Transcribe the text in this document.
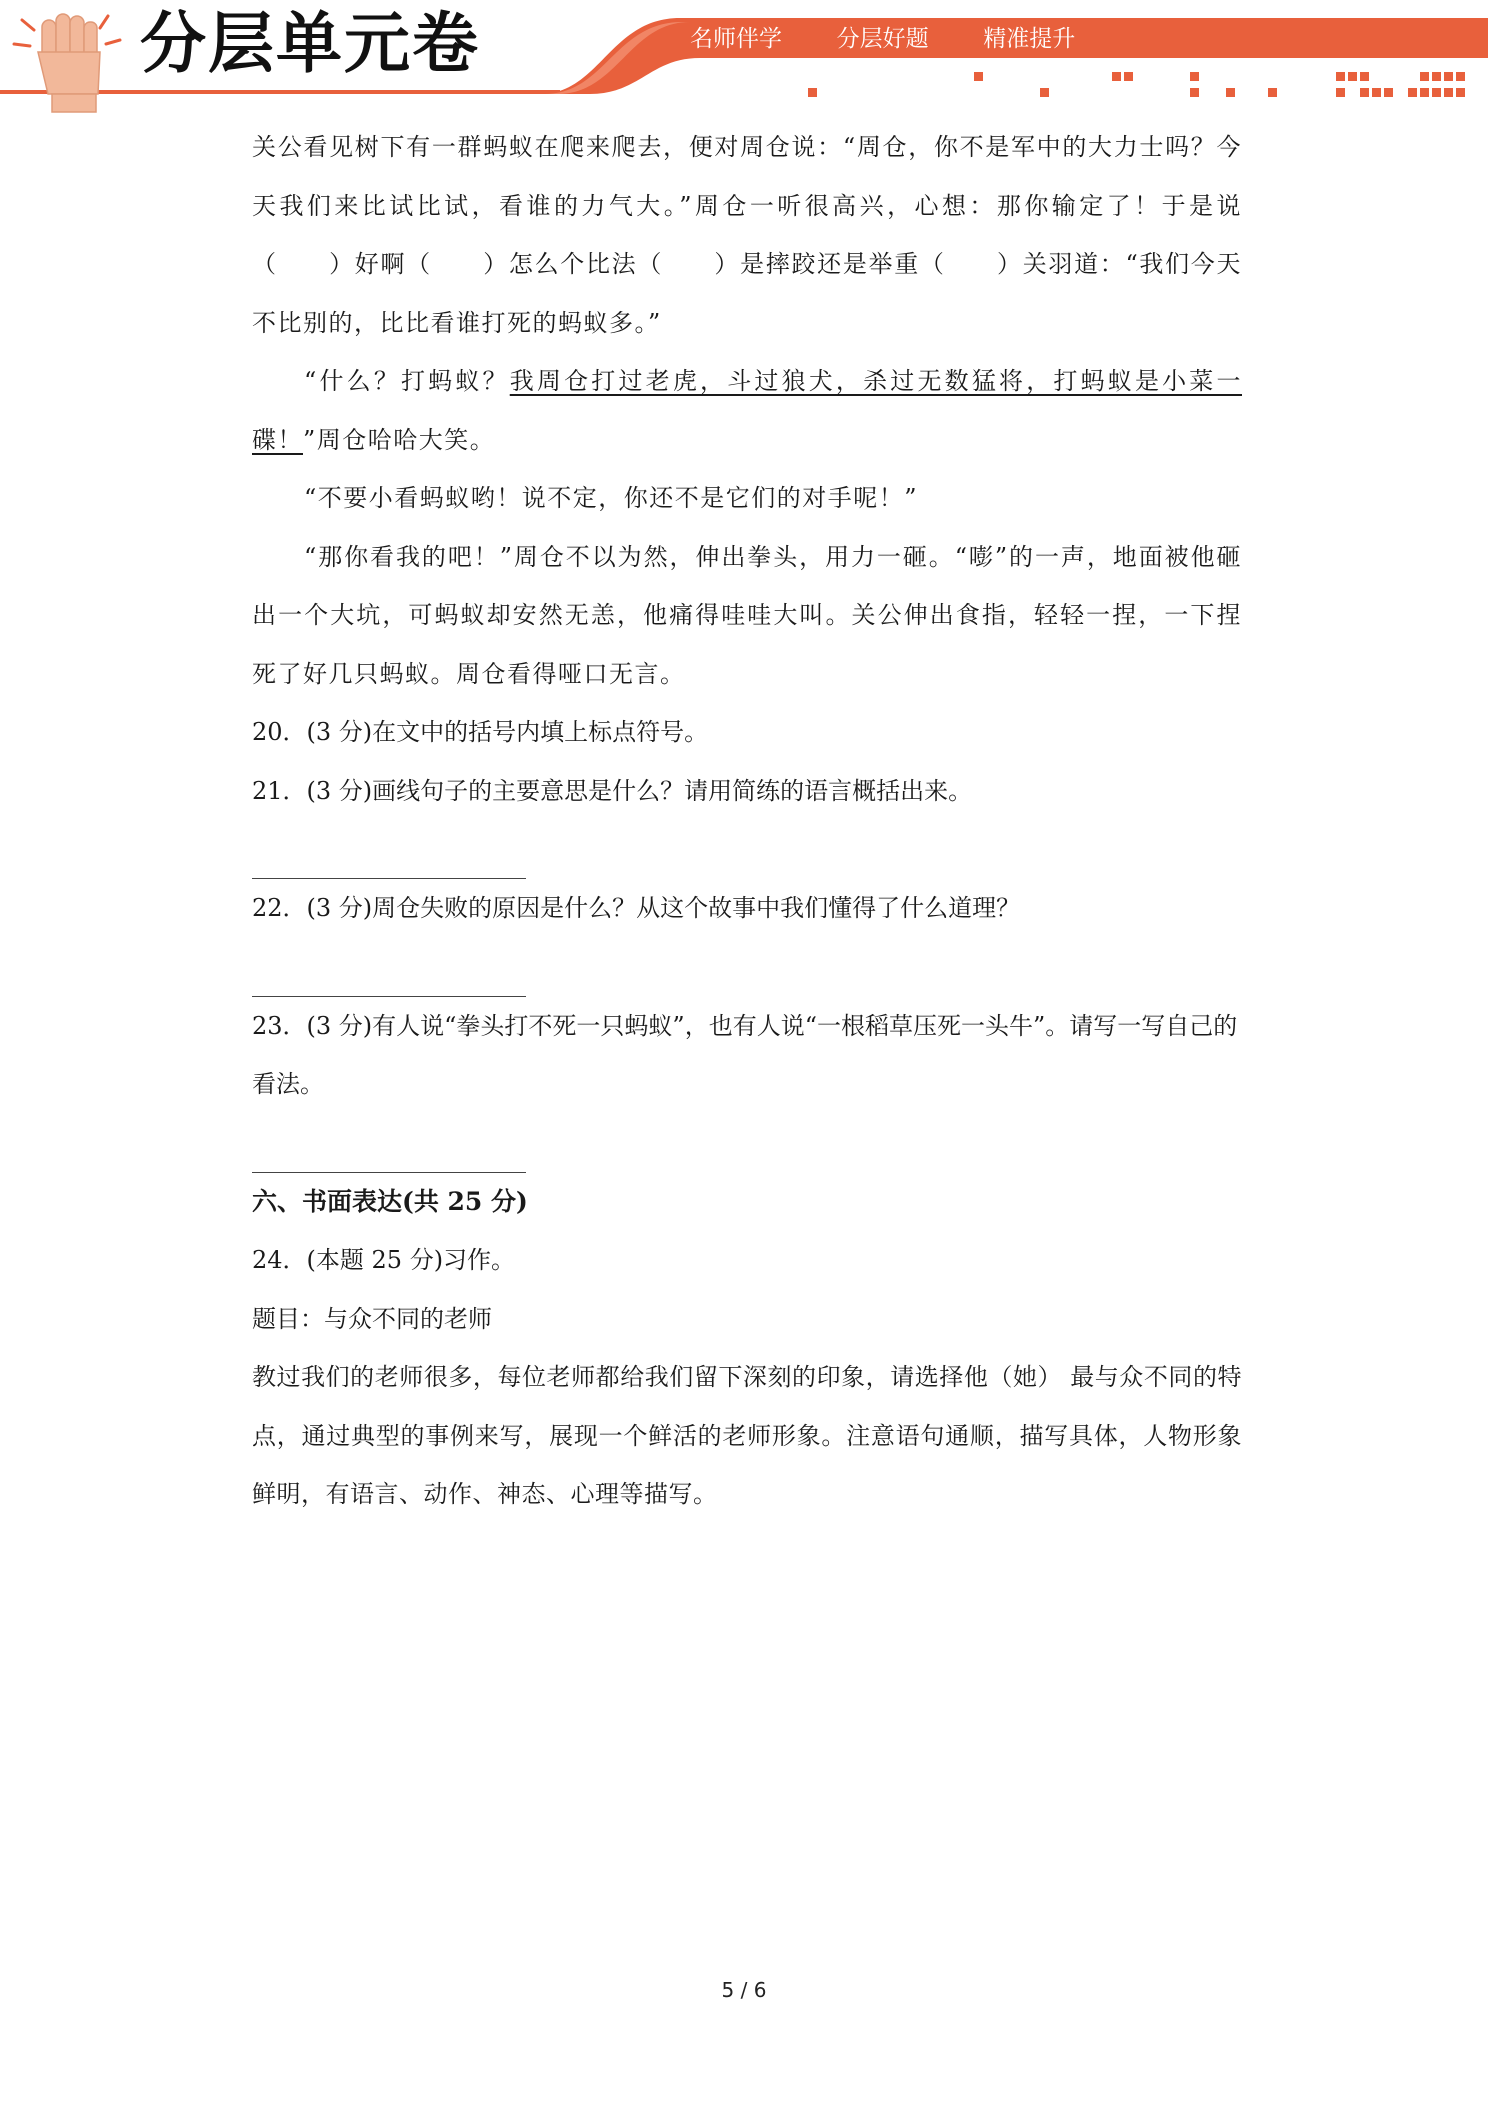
分层单元卷	名师伴学  分层好题  精准提升

关公看见树下有一群蚂蚁在爬来爬去，便对周仓说：“周仓，你不是军中的大力士吗？今天我们来比试比试，看谁的力气大。”周仓一听很高兴，心想：那你输定了！于是说（　　）好啊（　　）怎么个比法（　　）是摔跤还是举重（　　）关羽道：“我们今天不比别的，比比看谁打死的蚂蚁多。”

“什么？打蚂蚁？我周仓打过老虎，斗过狼犬，杀过无数猛将，打蚂蚁是小菜一碟！”周仓哈哈大笑。

“不要小看蚂蚁哟！说不定，你还不是它们的对手呢！”

“那你看我的吧！”周仓不以为然，伸出拳头，用力一砸。“嘭”的一声，地面被他砸出一个大坑，可蚂蚁却安然无恙，他痛得哇哇大叫。关公伸出食指，轻轻一捏，一下捏死了好几只蚂蚁。周仓看得哑口无言。

20．(3 分)在文中的括号内填上标点符号。

21．(3 分)画线句子的主要意思是什么？请用简练的语言概括出来。

22．(3 分)周仓失败的原因是什么？从这个故事中我们懂得了什么道理？

23．(3 分)有人说“拳头打不死一只蚂蚁”，也有人说“一根稻草压死一头牛”。请写一写自己的看法。

六、书面表达(共 25 分)

24．(本题 25 分)习作。

题目：与众不同的老师

教过我们的老师很多，每位老师都给我们留下深刻的印象，请选择他（她） 最与众不同的特点，通过典型的事例来写，展现一个鲜活的老师形象。注意语句通顺，描写具体，人物形象鲜明，有语言、动作、神态、心理等描写。

5 / 6
